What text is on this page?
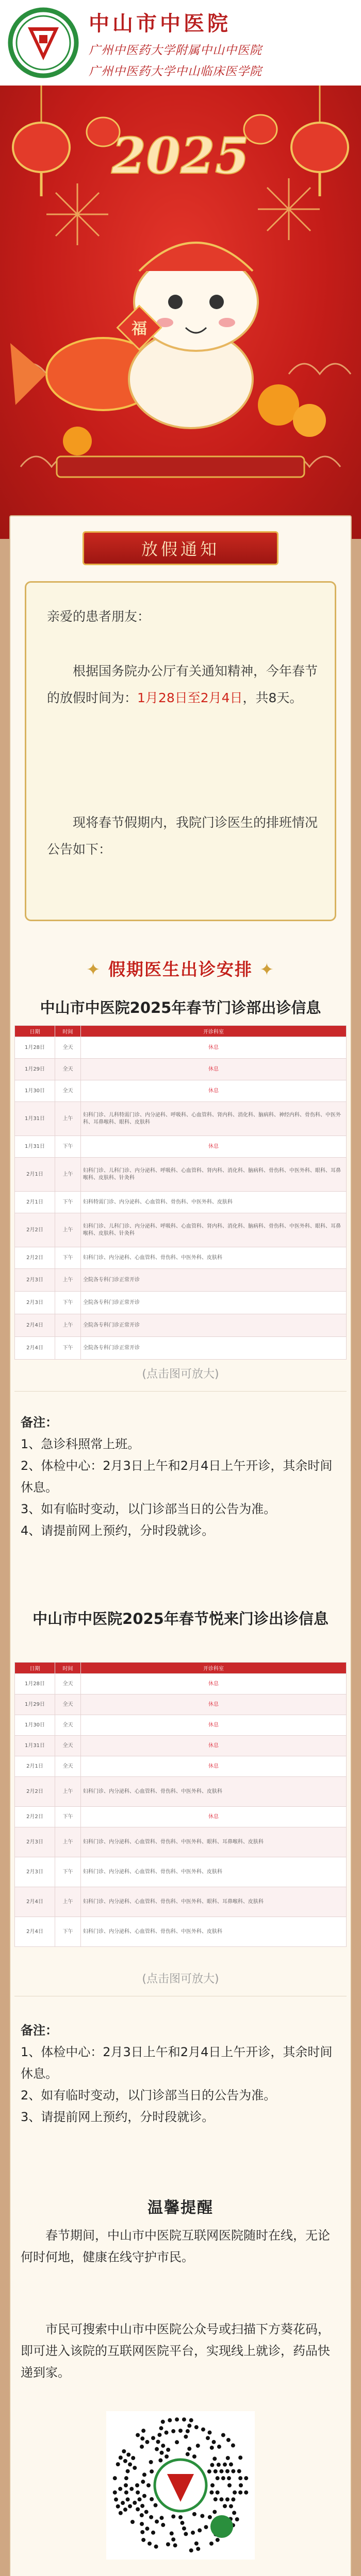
中山市中医院
广州中医药大学附属中山中医院
广州中医药大学中山临床医学院
2025
福
放假通知

亲爱的患者朋友：

根据国务院办公厅有关通知精神，今年春节的放假时间为：1月28日至2月4日，共8天。

现将春节假期内，我院门诊医生的排班情况公告如下：

✦ 假期医生出诊安排 ✦
中山市中医院2025年春节门诊部出诊信息
日期	时间	开诊科室
1月28日	全天	休息
1月29日	全天	休息
1月30日	全天	休息
1月31日	上午	妇科门诊、儿科特需门诊、内分泌科、呼吸科、心血管科、肾内科、消化科、脑病科、神经内科、骨伤科、中医外科、耳鼻喉科、眼科、皮肤科
1月31日	下午	休息
2月1日	上午	妇科门诊、儿科门诊、内分泌科、呼吸科、心血管科、肾内科、消化科、脑病科、骨伤科、中医外科、眼科、耳鼻喉科、皮肤科、针灸科
2月1日	下午	妇科特需门诊、内分泌科、心血管科、骨伤科、中医外科、皮肤科
2月2日	上午	妇科门诊、儿科门诊、内分泌科、呼吸科、心血管科、肾内科、消化科、脑病科、骨伤科、中医外科、眼科、耳鼻喉科、皮肤科、针灸科
2月2日	下午	妇科门诊、内分泌科、心血管科、骨伤科、中医外科、皮肤科
2月3日	上午	全院各专科门诊正常开诊
2月3日	下午	全院各专科门诊正常开诊
2月4日	上午	全院各专科门诊正常开诊
2月4日	下午	全院各专科门诊正常开诊
(点击图可放大)
备注：
1、急诊科照常上班。
2、体检中心：2月3日上午和2月4日上午开诊，其余时间休息。
3、如有临时变动，以门诊部当日的公告为准。
4、请提前网上预约，分时段就诊。
中山市中医院2025年春节悦来门诊出诊信息
日期	时间	开诊科室
1月28日	全天	休息
1月29日	全天	休息
1月30日	全天	休息
1月31日	全天	休息
2月1日	全天	休息
2月2日	上午	妇科门诊、内分泌科、心血管科、骨伤科、中医外科、皮肤科
2月2日	下午	休息
2月3日	上午	妇科门诊、内分泌科、心血管科、骨伤科、中医外科、眼科、耳鼻喉科、皮肤科
2月3日	下午	妇科门诊、内分泌科、心血管科、骨伤科、中医外科、皮肤科
2月4日	上午	妇科门诊、内分泌科、心血管科、骨伤科、中医外科、眼科、耳鼻喉科、皮肤科
2月4日	下午	妇科门诊、内分泌科、心血管科、骨伤科、中医外科、皮肤科
(点击图可放大)
备注：
1、体检中心：2月3日上午和2月4日上午开诊，其余时间休息。
2、如有临时变动，以门诊部当日的公告为准。
3、请提前网上预约，分时段就诊。
温馨提醒
春节期间，中山市中医院互联网医院随时在线，无论何时何地，健康在线守护市民。
市民可搜索中山市中医院公众号或扫描下方葵花码，即可进入该院的互联网医院平台，实现线上就诊，药品快递到家。
